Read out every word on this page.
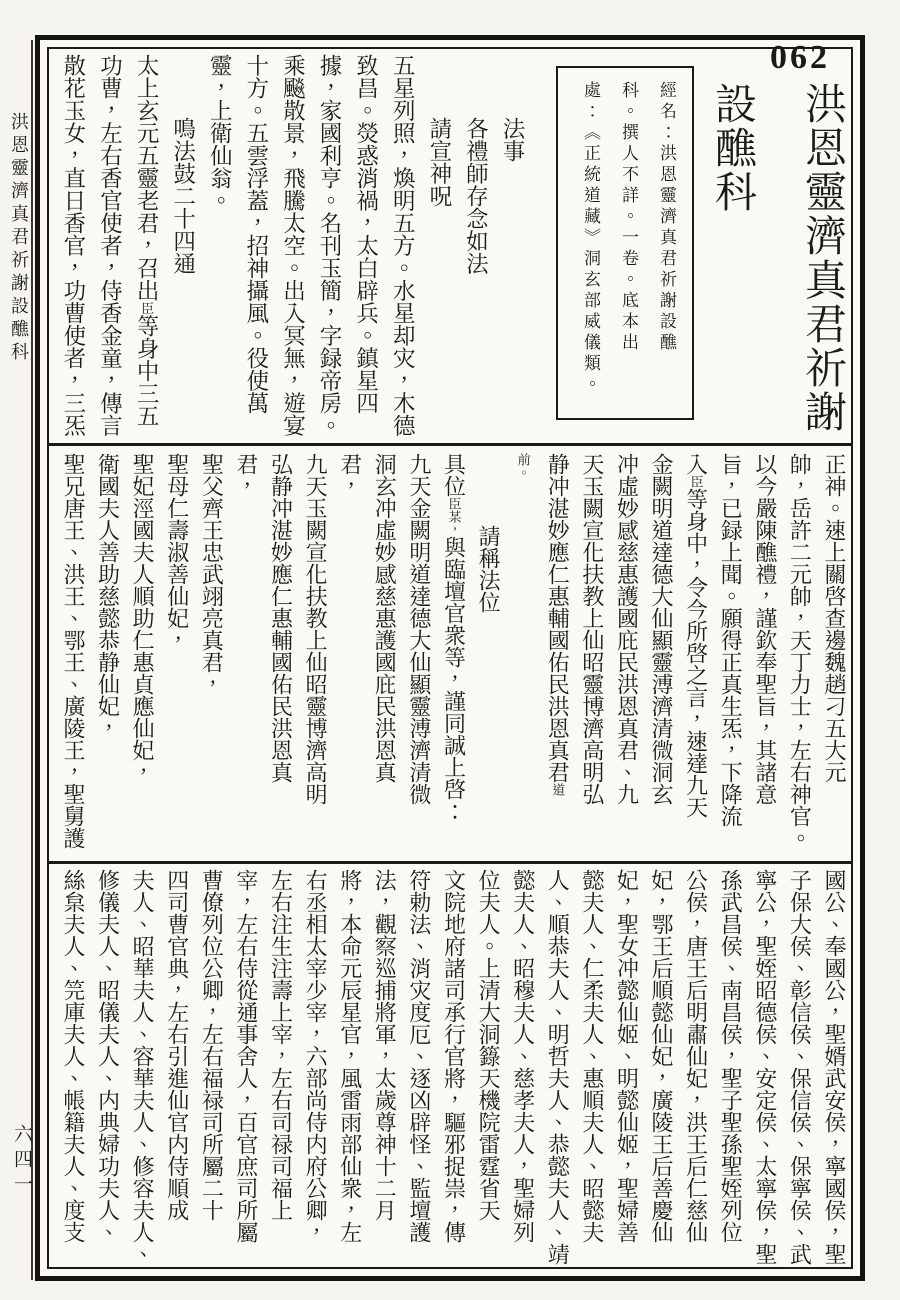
062
洪恩靈濟真君祈謝
設醮科
經名：洪恩靈濟真君祈謝設醮
科。撰人不詳。一卷。底本出
處：《正統道藏》洞玄部威儀類。
法事
各禮師存念如法
請宣神呪
五星列照，煥明五方。水星却灾，木德
致昌。熒惑消禍，太白辟兵。鎮星四
據，家國利亨。名刊玉簡，字録帝房。
乘飈散景，飛騰太空。出入冥無，遊宴
十方。五雲浮蓋，招神攝風。役使萬
靈，上衛仙翁。
鳴法鼓二十四通
太上玄元五靈老君，召出臣等身中三五
功曹，左右香官使者，侍香金童，傳言
散花玉女，直日香官，功曹使者，三炁
正神。速上關啓查邊魏趙刁五大元
帥，岳許二元帥，天丁力士，左右神官。
以今嚴陳醮禮，謹欽奉聖旨，其諸意
旨，已録上聞。願得正真生炁，下降流
入臣等身中，令今所啓之言，速達九天
金闕明道達德大仙顯靈溥濟清微洞玄
冲虛妙感慈惠護國庇民洪恩真君、九
天玉闕宣化扶教上仙昭靈博濟高明弘
静冲湛妙應仁惠輔國佑民洪恩真君道
前。
請稱法位
具位臣某，與臨壇官衆等，謹同誠上啓：
九天金闕明道達德大仙顯靈溥濟清微
洞玄冲虛妙感慈惠護國庇民洪恩真
君，
九天玉闕宣化扶教上仙昭靈博濟高明
弘静冲湛妙應仁惠輔國佑民洪恩真
君，
聖父齊王忠武翊亮真君，
聖母仁壽淑善仙妃，
聖妃涇國夫人順助仁惠貞應仙妃，
衛國夫人善助慈懿恭静仙妃，
聖兄唐王、洪王、鄂王、廣陵王，聖舅護
國公、奉國公，聖婿武安侯，寧國侯，聖
子保大侯、彰信侯、保信侯、保寧侯、武
寧公，聖姪昭德侯、安定侯、太寧侯，聖
孫武昌侯、南昌侯，聖子聖孫聖姪列位
公侯，唐王后明肅仙妃，洪王后仁慈仙
妃，鄂王后順懿仙妃，廣陵王后善慶仙
妃，聖女冲懿仙姬、明懿仙姬，聖婦善
懿夫人、仁柔夫人、惠順夫人、昭懿夫
人、順恭夫人、明哲夫人、恭懿夫人、靖
懿夫人、昭穆夫人、慈孝夫人，聖婦列
位夫人。上清大洞籙天機院雷霆省天
文院地府諸司承行官將，驅邪捉祟，傳
符勅法、消灾度厄、逐凶辟怪、監壇護
法，觀察巡捕將軍，太歲尊神十二月
將，本命元辰星官，風雷雨部仙衆，左
右丞相太宰少宰，六部尚侍内府公卿，
左右注生注壽上宰，左右司禄司福上
宰，左右侍從通事舍人，百官庶司所屬
曹僚列位公卿，左右福禄司所屬二十
四司曹官典，左右引進仙官内侍順成
夫人、昭華夫人、容華夫人、修容夫人、
修儀夫人、昭儀夫人、内典婦功夫人、
絲枲夫人、笎庫夫人、帳籍夫人、度支
洪恩靈濟真君祈謝設醮科
六四一
